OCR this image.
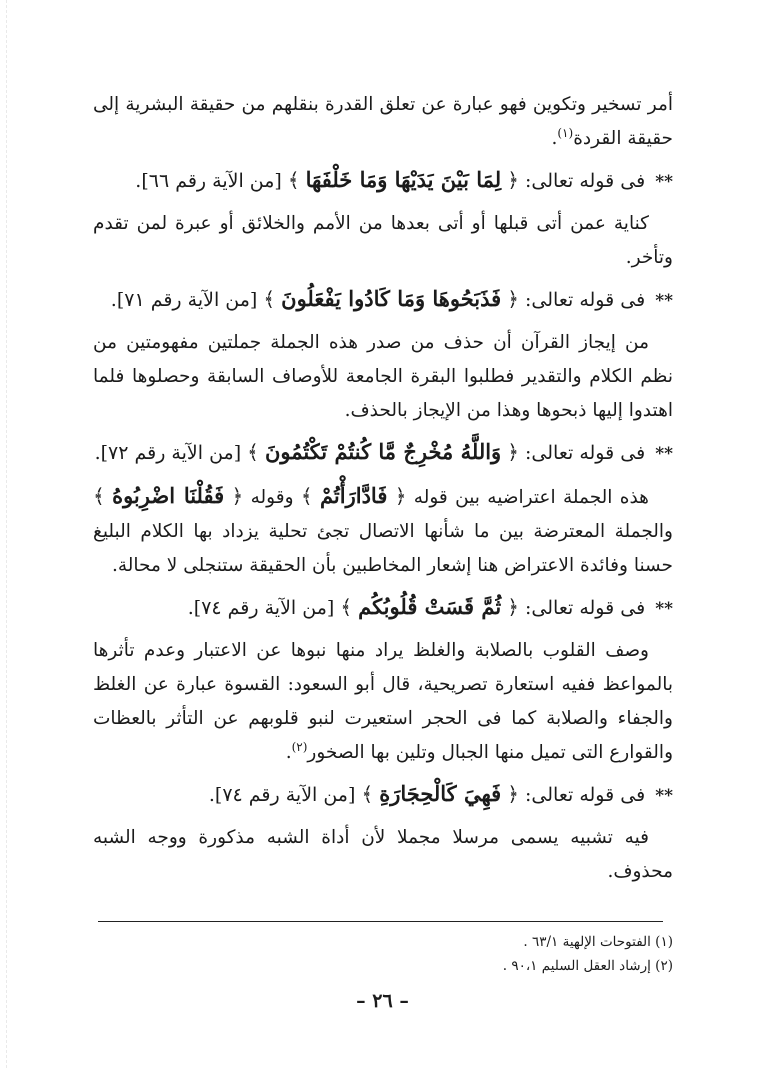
أمر تسخير وتكوين فهو عبارة عن تعلق القدرة بنقلهم من حقيقة البشرية إلى حقيقة القردة$^{(١)}$.

** فى قوله تعالى: ﴿ لِمَا بَيْنَ يَدَيْهَا وَمَا خَلْفَهَا ﴾ [من الآية رقم ٦٦].

كناية عمن أتى قبلها أو أتى بعدها من الأمم والخلائق أو عبرة لمن تقدم وتأخر.

** فى قوله تعالى: ﴿ فَذَبَحُوهَا وَمَا كَادُوا يَفْعَلُونَ ﴾ [من الآية رقم ٧١].

من إيجاز القرآن أن حذف من صدر هذه الجملة جملتين مفهومتين من نظم الكلام والتقدير فطلبوا البقرة الجامعة للأوصاف السابقة وحصلوها فلما اهتدوا إليها ذبحوها وهذا من الإيجاز بالحذف.

** فى قوله تعالى: ﴿ وَاللَّهُ مُخْرِجٌ مَّا كُنتُمْ تَكْتُمُونَ ﴾ [من الآية رقم ٧٢].

هذه الجملة اعتراضيه بين قوله ﴿ فَادَّارَأْتُمْ ﴾ وقوله ﴿ فَقُلْنَا اضْرِبُوهُ ﴾ والجملة المعترضة بين ما شأنها الاتصال تجئ تحلية يزداد بها الكلام البليغ حسنا وفائدة الاعتراض هنا إشعار المخاطبين بأن الحقيقة ستنجلى لا محالة.

** فى قوله تعالى: ﴿ ثُمَّ قَسَتْ قُلُوبُكُم ﴾ [من الآية رقم ٧٤].

وصف القلوب بالصلابة والغلظ يراد منها نبوها عن الاعتبار وعدم تأثرها بالمواعظ ففيه استعارة تصريحية، قال أبو السعود: القسوة عبارة عن الغلظ والجفاء والصلابة كما فى الحجر استعيرت لنبو قلوبهم عن التأثر بالعظات والقوارع التى تميل منها الجبال وتلين بها الصخور$^{(٢)}$.

** فى قوله تعالى: ﴿ فَهِيَ كَالْحِجَارَةِ ﴾ [من الآية رقم ٧٤].

فيه تشبيه يسمى مرسلا مجملا لأن أداة الشبه مذكورة ووجه الشبه محذوف.

(١) الفتوحات الإلهية ٦٣/١ .

(٢) إرشاد العقل السليم ٩٠،١ .

– ٢٦ –
